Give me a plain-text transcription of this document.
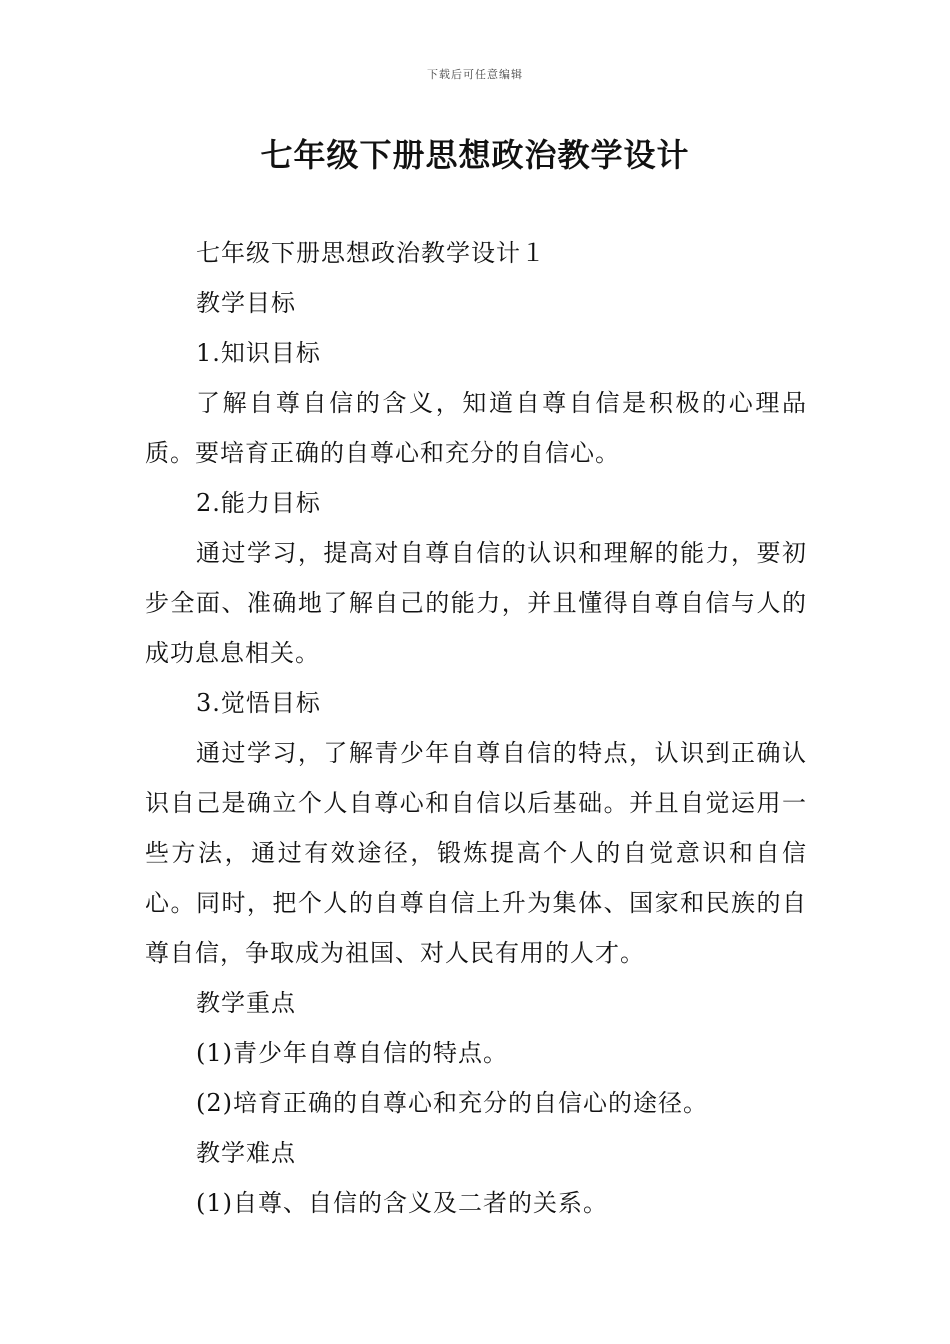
下载后可任意编辑
七年级下册思想政治教学设计

七年级下册思想政治教学设计１

教学目标

1.知识目标

了解自尊自信的含义，知道自尊自信是积极的心理品质。要培育正确的自尊心和充分的自信心。

2.能力目标

通过学习，提高对自尊自信的认识和理解的能力，要初步全面、准确地了解自己的能力，并且懂得自尊自信与人的成功息息相关。

3.觉悟目标

通过学习，了解青少年自尊自信的特点，认识到正确认识自己是确立个人自尊心和自信以后基础。并且自觉运用一些方法，通过有效途径，锻炼提高个人的自觉意识和自信心。同时，把个人的自尊自信上升为集体、国家和民族的自尊自信，争取成为祖国、对人民有用的人才。

教学重点

(1)青少年自尊自信的特点。

(2)培育正确的自尊心和充分的自信心的途径。

教学难点

(1)自尊、自信的含义及二者的关系。
